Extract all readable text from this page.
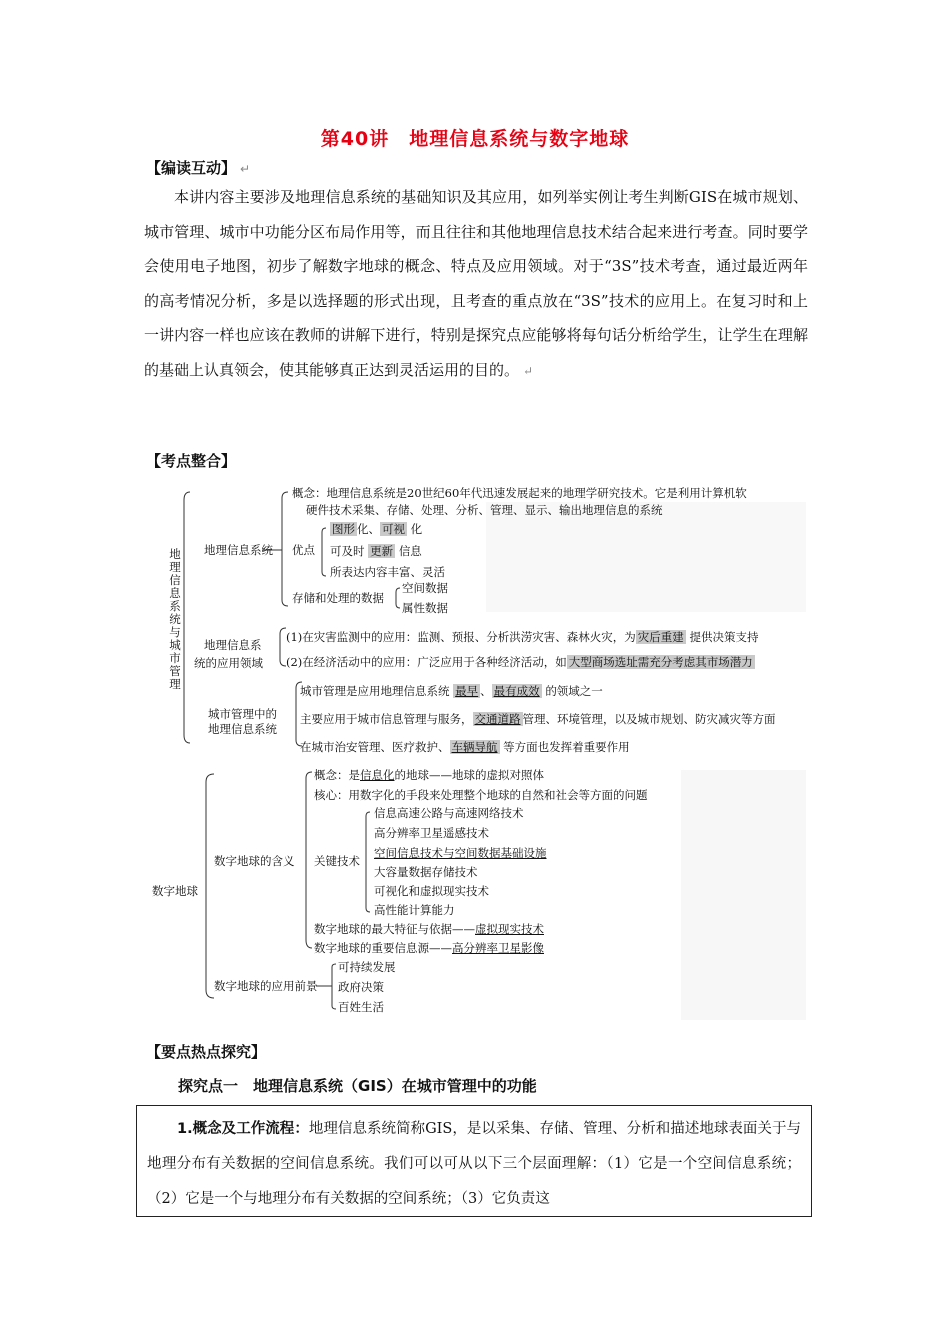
第40讲　地理信息系统与数字地球
【编读互动】 ↵
本讲内容主要涉及地理信息系统的基础知识及其应用，如列举实例让考生判断GIS在城市规划、城市管理、城市中功能分区布局作用等，而且往往和其他地理信息技术结合起来进行考查。同时要学会使用电子地图，初步了解数字地球的概念、特点及应用领域。对于“3S”技术考查，通过最近两年的高考情况分析，多是以选择题的形式出现，且考查的重点放在“3S”技术的应用上。在复习时和上一讲内容一样也应该在教师的讲解下进行，特别是探究点应能够将每句话分析给学生，让学生在理解的基础上认真领会，使其能够真正达到灵活运用的目的。 ↵
【考点整合】
地理信息系统与城市管理
地理信息系统
概念：地理信息系统是20世纪60年代迅速发展起来的地理学研究技术。它是利用计算机软
硬件技术采集、存储、处理、分析、管理、显示、输出地理信息的系统
优点
图形 化、 可视 化
可及时 更新 信息
所表达内容丰富、灵活
存储和处理的数据
空间数据
属性数据
地理信息系
统的应用领域
(1)在灾害监测中的应用：监测、预报、分析洪涝灾害、森林火灾，为 灾后重建 提供决策支持
(2)在经济活动中的应用：广泛应用于各种经济活动，如 大型商场选址需充分考虑其市场潜力
城市管理中的
地理信息系统
城市管理是应用地理信息系统 最早 、 最有成效 的领域之一
主要应用于城市信息管理与服务， 交通道路 管理、环境管理，以及城市规划、防灾减灾等方面
在城市治安管理、医疗救护、 车辆导航 等方面也发挥着重要作用
数字地球
数字地球的含义
概念：是信息化的地球——地球的虚拟对照体
核心：用数字化的手段来处理整个地球的自然和社会等方面的问题
关键技术
信息高速公路与高速网络技术
高分辨率卫星遥感技术
空间信息技术与空间数据基础设施
大容量数据存储技术
可视化和虚拟现实技术
高性能计算能力
数字地球的最大特征与依据——虚拟现实技术
数字地球的重要信息源——高分辨率卫星影像
数字地球的应用前景
可持续发展
政府决策
百姓生活
【要点热点探究】
探究点一　地理信息系统（GIS）在城市管理中的功能
1.概念及工作流程：地理信息系统简称GIS，是以采集、存储、管理、分析和描述地球表面关于与地理分布有关数据的空间信息系统。我们可以可从以下三个层面理解：（1）它是一个空间信息系统；（2）它是一个与地理分布有关数据的空间系统；（3）它负责这
